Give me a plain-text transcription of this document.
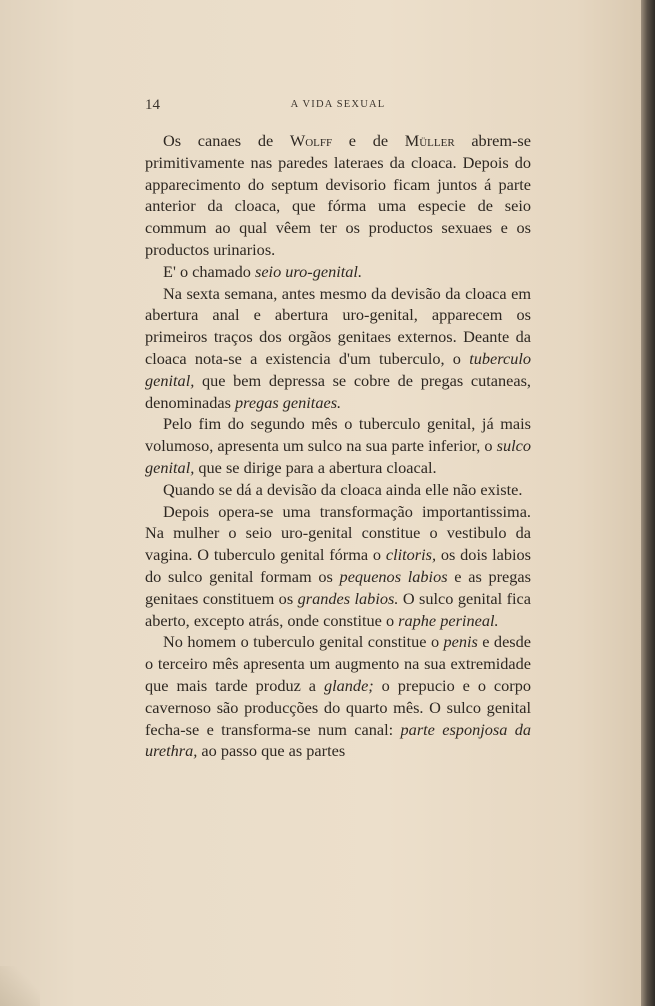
14	A VIDA SEXUAL

Os canaes de Wolff e de Müller abrem-se primitivamente nas paredes lateraes da cloaca. Depois do apparecimento do septum devisorio ficam juntos á parte anterior da cloaca, que fórma uma especie de seio commum ao qual vêem ter os productos sexuaes e os productos urinarios.

E' o chamado seio uro-genital.

Na sexta semana, antes mesmo da devisão da cloaca em abertura anal e abertura uro-genital, apparecem os primeiros traços dos orgãos genitaes externos. Deante da cloaca nota-se a existencia d'um tuberculo, o tuberculo genital, que bem depressa se cobre de pregas cutaneas, denominadas pregas genitaes.

Pelo fim do segundo mês o tuberculo genital, já mais volumoso, apresenta um sulco na sua parte inferior, o sulco genital, que se dirige para a abertura cloacal.

Quando se dá a devisão da cloaca ainda elle não existe.

Depois opera-se uma transformação importantissima. Na mulher o seio uro-genital constitue o vestibulo da vagina. O tuberculo genital fórma o clitoris, os dois labios do sulco genital formam os pequenos labios e as pregas genitaes constituem os grandes labios. O sulco genital fica aberto, excepto atrás, onde constitue o raphe perineal.

No homem o tuberculo genital constitue o penis e desde o terceiro mês apresenta um augmento na sua extremidade que mais tarde produz a glande; o prepucio e o corpo cavernoso são producções do quarto mês. O sulco genital fecha-se e transforma-se num canal: parte esponjosa da urethra, ao passo que as partes
